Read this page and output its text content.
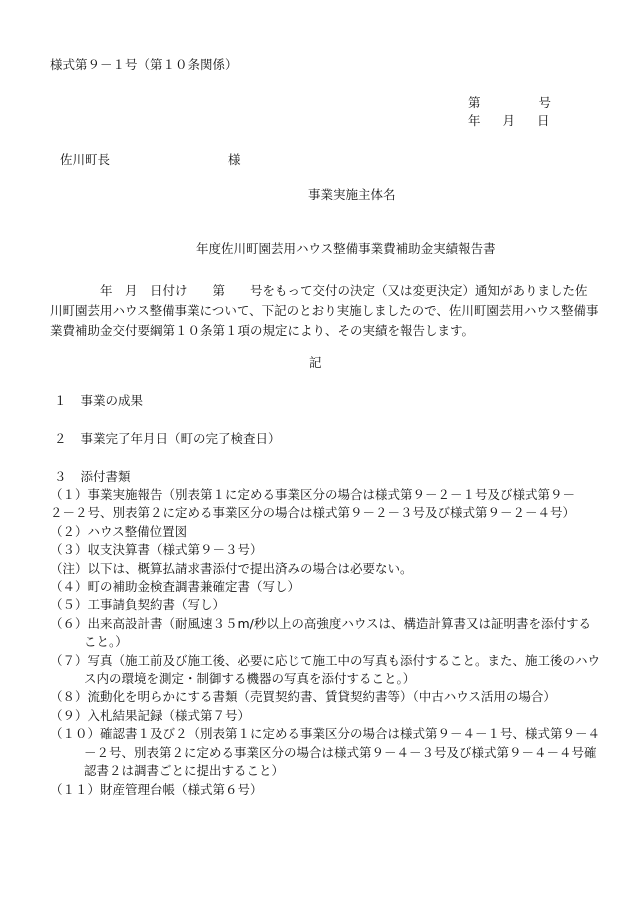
様式第９－１号（第１０条関係）
第	号
年 月 日
佐川町長	様
事業実施主体名
年度佐川町園芸用ハウス整備事業費補助金実績報告書
　　　　年　月　日付け　　第　　号をもって交付の決定（又は変更決定）通知がありました佐
川町園芸用ハウス整備事業について、下記のとおり実施しましたので、佐川町園芸用ハウス整備事
業費補助金交付要綱第１０条第１項の規定により、その実績を報告します。
記
１ 事業の成果
２ 事業完了年月日（町の完了検査日）
３ 添付書類
（１）事業実施報告（別表第１に定める事業区分の場合は様式第９－２－１号及び様式第９－
２－２号、別表第２に定める事業区分の場合は様式第９－２－３号及び様式第９－２－４号）
（２）ハウス整備位置図
（３）収支決算書（様式第９－３号）
（注）以下は、概算払請求書添付で提出済みの場合は必要ない。
（４）町の補助金検査調書兼確定書（写し）
（５）工事請負契約書（写し）
（６）出来高設計書（耐風速３５m/秒以上の高強度ハウスは、構造計算書又は証明書を添付する
こと。）
（７）写真（施工前及び施工後、必要に応じて施工中の写真も添付すること。また、施工後のハウ
ス内の環境を測定・制御する機器の写真を添付すること。）
（８）流動化を明らかにする書類（売買契約書、賃貸契約書等）（中古ハウス活用の場合）
（９）入札結果記録（様式第７号）
（１０）確認書１及び２（別表第１に定める事業区分の場合は様式第９－４－１号、様式第９－４
－２号、別表第２に定める事業区分の場合は様式第９－４－３号及び様式第９－４－４号確
認書２は調書ごとに提出すること）
（１１）財産管理台帳（様式第６号）
